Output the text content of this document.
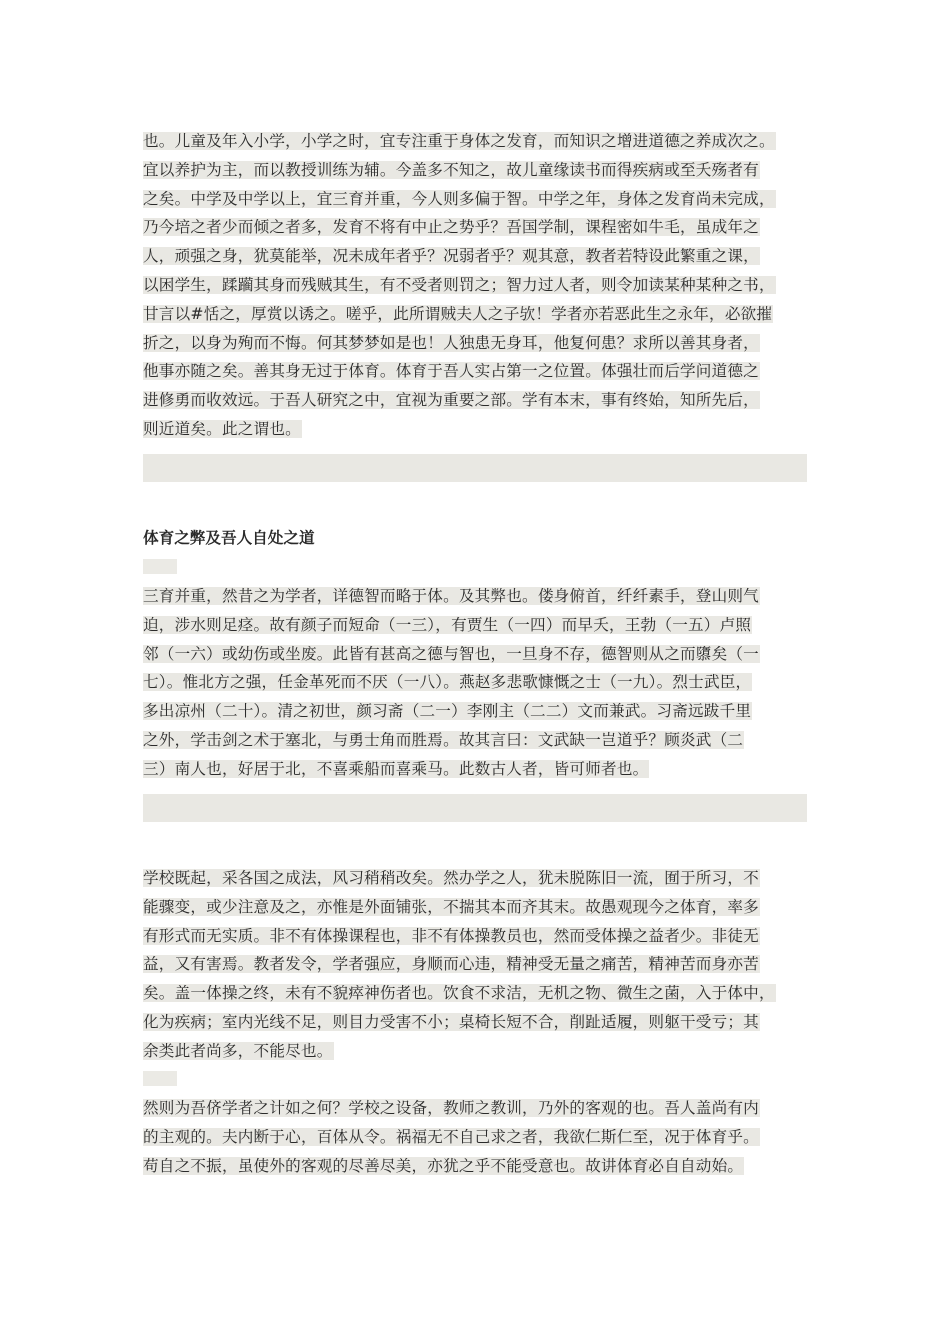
也。儿童及年入小学，小学之时，宜专注重于身体之发育，而知识之增进道德之养成次之。
宜以养护为主，而以教授训练为辅。今盖多不知之，故儿童缘读书而得疾病或至夭殇者有
之矣。中学及中学以上，宜三育并重，今人则多偏于智。中学之年，身体之发育尚未完成，
乃今培之者少而倾之者多，发育不将有中止之势乎？吾国学制，课程密如牛毛，虽成年之
人，顽强之身，犹莫能举，况未成年者乎？况弱者乎？观其意，教者若特设此繁重之课，
以困学生，蹂躏其身而残贼其生，有不受者则罚之；智力过人者，则令加读某种某种之书，
甘言以#恬之，厚赏以诱之。嗟乎，此所谓贼夫人之子欤！学者亦若恶此生之永年，必欲摧
折之，以身为殉而不悔。何其梦梦如是也！人独患无身耳，他复何患？求所以善其身者，
他事亦随之矣。善其身无过于体育。体育于吾人实占第一之位置。体强壮而后学问道德之
进修勇而收效远。于吾人研究之中，宜视为重要之部。学有本末，事有终始，知所先后，
则近道矣。此之谓也。
体育之弊及吾人自处之道
三育并重，然昔之为学者，详德智而略于体。及其弊也。偻身俯首，纤纤素手，登山则气
迫，涉水则足痉。故有颜子而短命（一三），有贾生（一四）而早夭，王勃（一五）卢照
邻（一六）或幼伤或坐废。此皆有甚高之德与智也，一旦身不存，德智则从之而隳矣（一
七）。惟北方之强，任金革死而不厌（一八）。燕赵多悲歌慷慨之士（一九）。烈士武臣，
多出凉州（二十）。清之初世，颜习斋（二一）李刚主（二二）文而兼武。习斋远跋千里
之外，学击剑之术于塞北，与勇士角而胜焉。故其言曰：文武缺一岂道乎？顾炎武（二
三）南人也，好居于北，不喜乘船而喜乘马。此数古人者，皆可师者也。
学校既起，采各国之成法，风习稍稍改矣。然办学之人，犹未脱陈旧一流，囿于所习，不
能骤变，或少注意及之，亦惟是外面铺张，不揣其本而齐其末。故愚观现今之体育，率多
有形式而无实质。非不有体操课程也，非不有体操教员也，然而受体操之益者少。非徒无
益，又有害焉。教者发令，学者强应，身顺而心违，精神受无量之痛苦，精神苦而身亦苦
矣。盖一体操之终，未有不貌瘁神伤者也。饮食不求洁，无机之物、微生之菌，入于体中，
化为疾病；室内光线不足，则目力受害不小；桌椅长短不合，削趾适履，则躯干受亏；其
余类此者尚多，不能尽也。
然则为吾侪学者之计如之何？学校之设备，教师之教训，乃外的客观的也。吾人盖尚有内
的主观的。夫内断于心，百体从令。祸福无不自己求之者，我欲仁斯仁至，况于体育乎。
苟自之不振，虽使外的客观的尽善尽美，亦犹之乎不能受意也。故讲体育必自自动始。
